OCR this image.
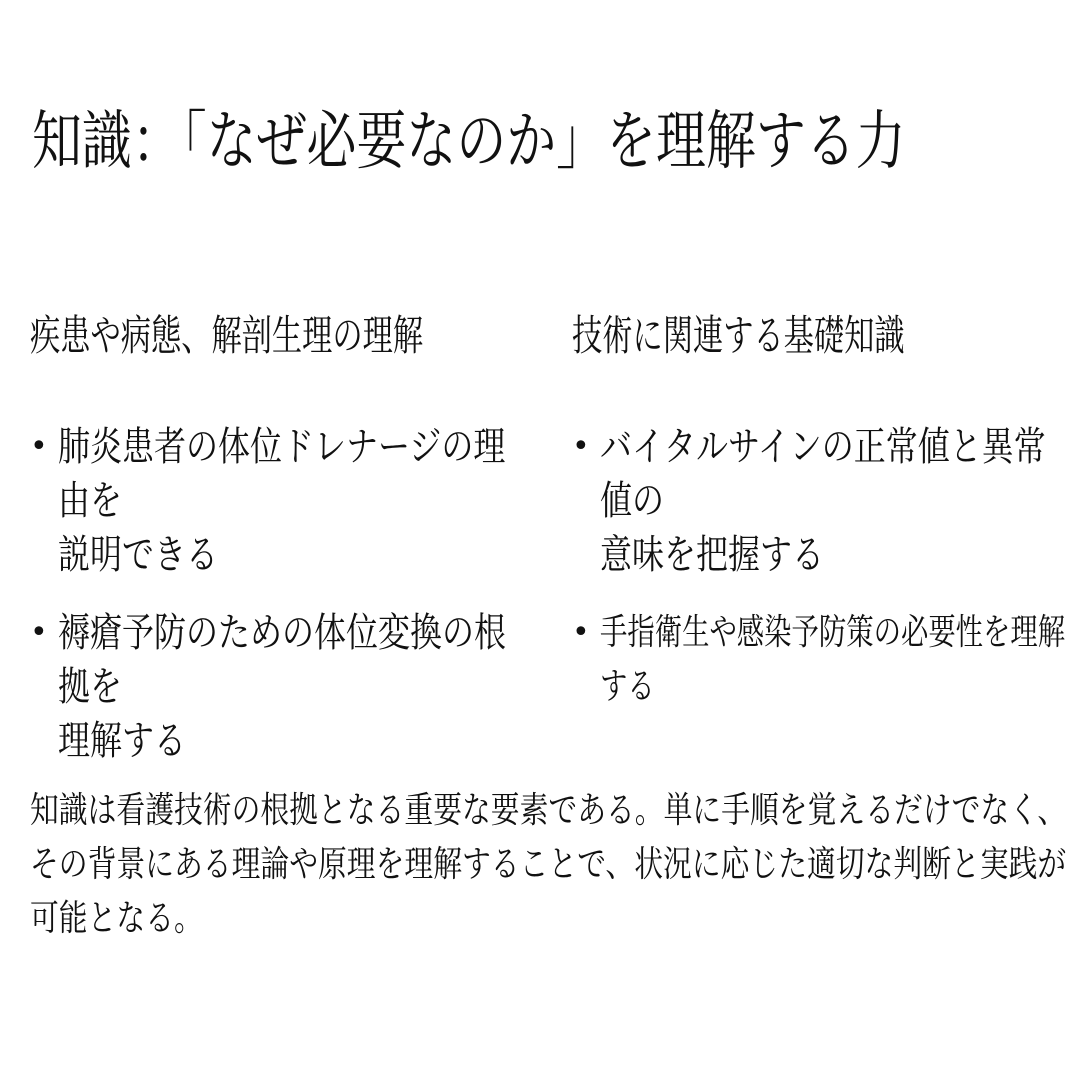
知識：「なぜ必要なのか」を理解する力
疾患や病態、解剖生理の理解
• 肺炎患者の体位ドレナージの理由を
説明できる
• 褥瘡予防のための体位変換の根拠を
理解する
技術に関連する基礎知識
• バイタルサインの正常値と異常値の
意味を把握する
• 手指衛生や感染予防策の必要性を理解する

知識は看護技術の根拠となる重要な要素である。単に手順を覚えるだけでなく、
その背景にある理論や原理を理解することで、状況に応じた適切な判断と実践が
可能となる。
